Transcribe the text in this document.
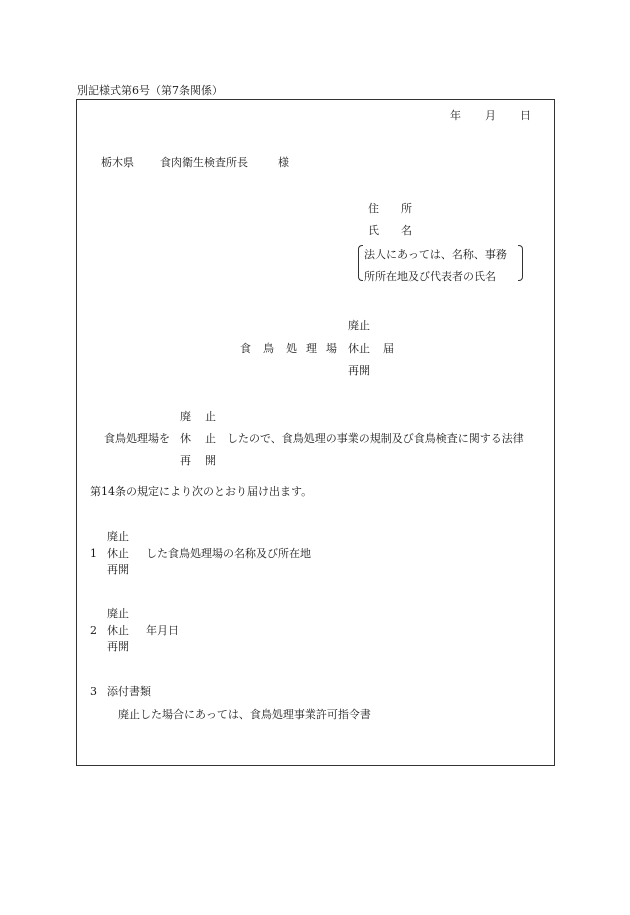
別記様式第6号（第7条関係）
年 月 日
栃木県 食肉衛生検査所長	様
住 所
氏 名
法人にあっては、名称、事務
所所在地及び代表者の氏名
廃止
食 鳥 処 理 場 休止 届
再開
廃 止
食鳥処理場を 休 止 したので、食鳥処理の事業の規制及び食鳥検査に関する法律
再 開
第14条の規定により次のとおり届け出ます。
廃止
1 休止 した食鳥処理場の名称及び所在地
再開
廃止
2 休止 年月日
再開
3 添付書類
廃止した場合にあっては、食鳥処理事業許可指令書
